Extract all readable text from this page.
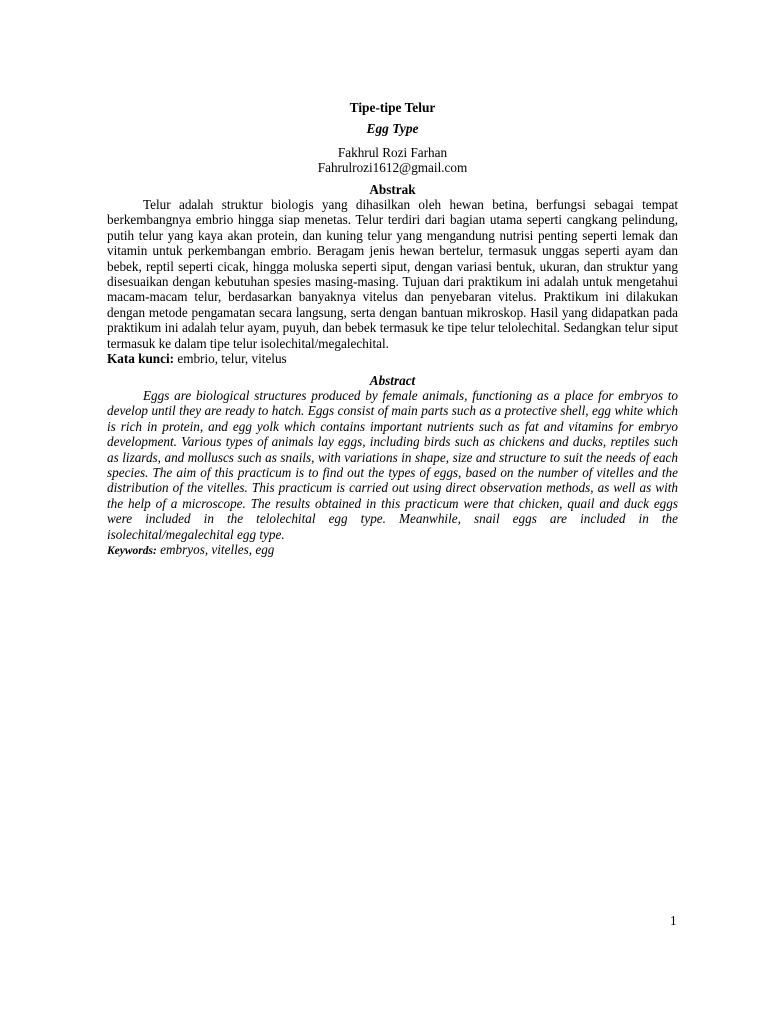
Tipe-tipe Telur

Egg Type

Fakhrul Rozi Farhan

Fahrulrozi1612@gmail.com

Abstrak

Telur adalah struktur biologis yang dihasilkan oleh hewan betina, berfungsi sebagai tempat berkembangnya embrio hingga siap menetas. Telur terdiri dari bagian utama seperti cangkang pelindung, putih telur yang kaya akan protein, dan kuning telur yang mengandung nutrisi penting seperti lemak dan vitamin untuk perkembangan embrio. Beragam jenis hewan bertelur, termasuk unggas seperti ayam dan bebek, reptil seperti cicak, hingga moluska seperti siput, dengan variasi bentuk, ukuran, dan struktur yang disesuaikan dengan kebutuhan spesies masing-masing. Tujuan dari praktikum ini adalah untuk mengetahui macam-macam telur, berdasarkan banyaknya vitelus dan penyebaran vitelus. Praktikum ini dilakukan dengan metode pengamatan secara langsung, serta dengan bantuan mikroskop. Hasil yang didapatkan pada praktikum ini adalah telur ayam, puyuh, dan bebek termasuk ke tipe telur telolechital. Sedangkan telur siput termasuk ke dalam tipe telur isolechital/megalechital.

Kata kunci: embrio, telur, vitelus

Abstract

Eggs are biological structures produced by female animals, functioning as a place for embryos to develop until they are ready to hatch. Eggs consist of main parts such as a protective shell, egg white which is rich in protein, and egg yolk which contains important nutrients such as fat and vitamins for embryo development. Various types of animals lay eggs, including birds such as chickens and ducks, reptiles such as lizards, and molluscs such as snails, with variations in shape, size and structure to suit the needs of each species. The aim of this practicum is to find out the types of eggs, based on the number of vitelles and the distribution of the vitelles. This practicum is carried out using direct observation methods, as well as with the help of a microscope. The results obtained in this practicum were that chicken, quail and duck eggs were included in the telolechital egg type. Meanwhile, snail eggs are included in the isolechital/megalechital egg type.

Keywords: embryos, vitelles, egg

1
